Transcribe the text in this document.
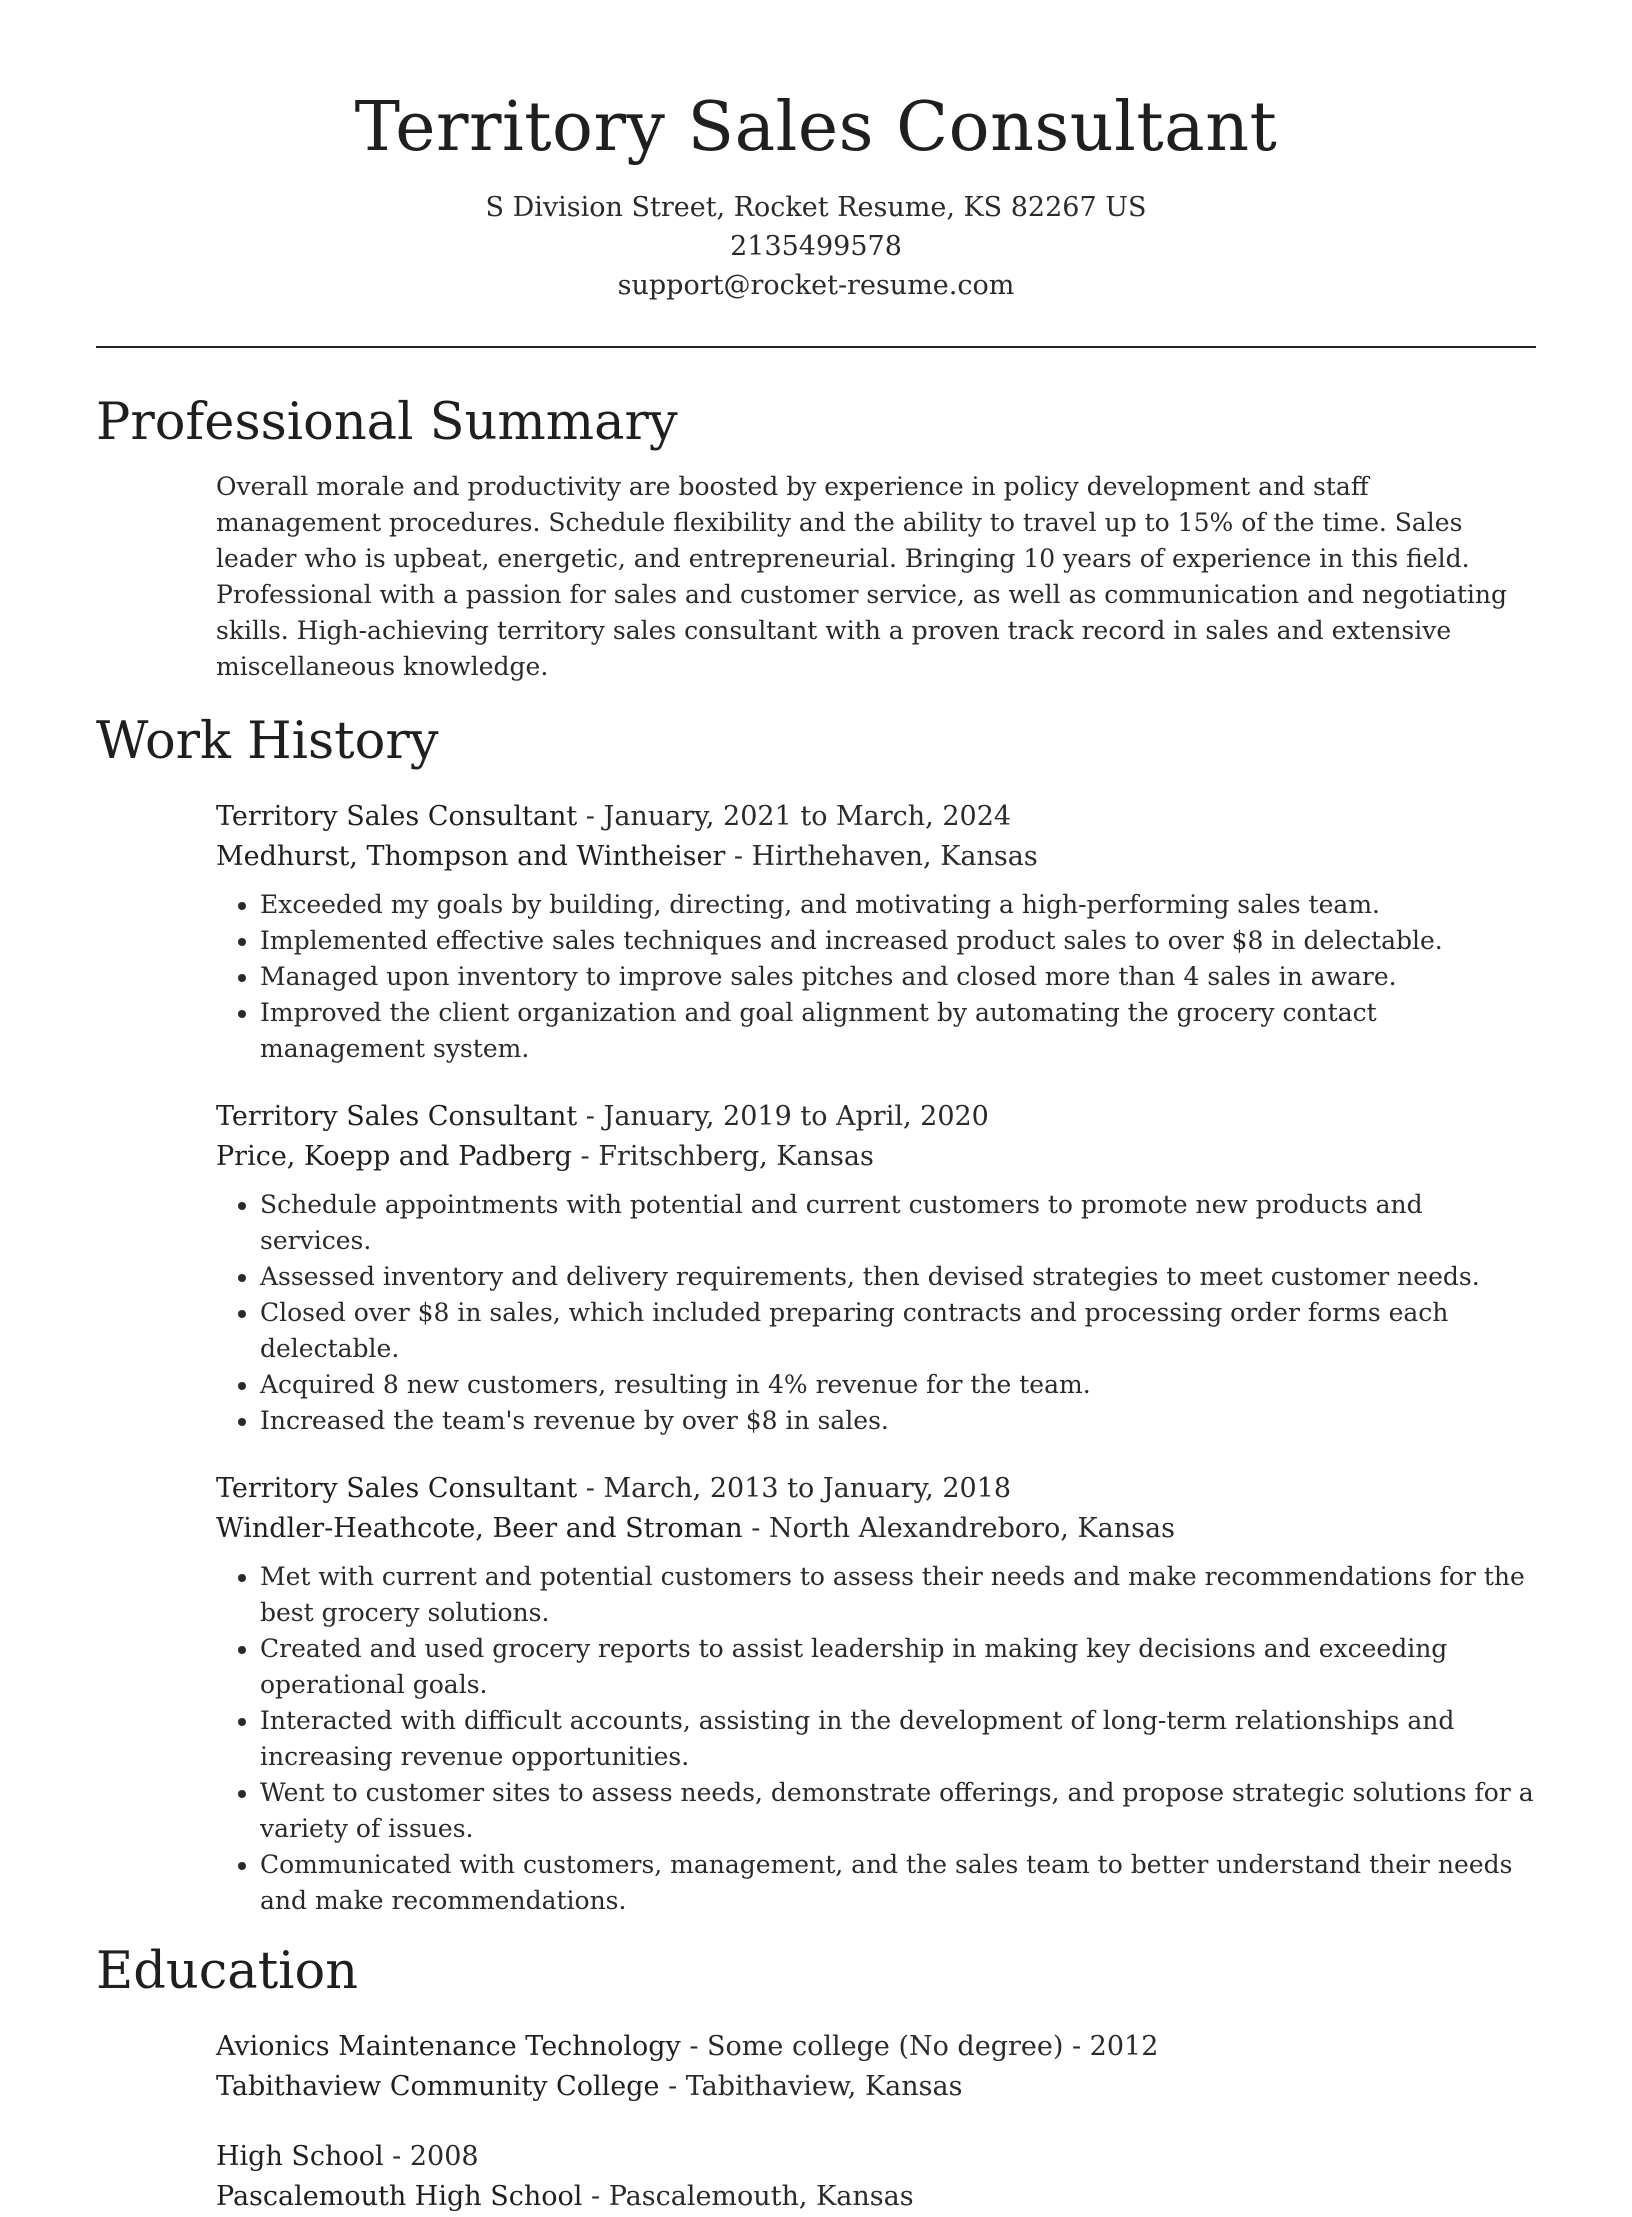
Territory Sales Consultant
S Division Street, Rocket Resume, KS 82267 US
2135499578
support@rocket-resume.com
Professional Summary
Overall morale and productivity are boosted by experience in policy development and staff management procedures. Schedule flexibility and the ability to travel up to 15% of the time. Sales leader who is upbeat, energetic, and entrepreneurial. Bringing 10 years of experience in this field. Professional with a passion for sales and customer service, as well as communication and negotiating skills. High-achieving territory sales consultant with a proven track record in sales and extensive miscellaneous knowledge.
Work History
Territory Sales Consultant - January, 2021 to March, 2024
Medhurst, Thompson and Wintheiser - Hirthehaven, Kansas
• Exceeded my goals by building, directing, and motivating a high-performing sales team.
• Implemented effective sales techniques and increased product sales to over $8 in delectable.
• Managed upon inventory to improve sales pitches and closed more than 4 sales in aware.
• Improved the client organization and goal alignment by automating the grocery contact management system.
Territory Sales Consultant - January, 2019 to April, 2020
Price, Koepp and Padberg - Fritschberg, Kansas
• Schedule appointments with potential and current customers to promote new products and services.
• Assessed inventory and delivery requirements, then devised strategies to meet customer needs.
• Closed over $8 in sales, which included preparing contracts and processing order forms each delectable.
• Acquired 8 new customers, resulting in 4% revenue for the team.
• Increased the team's revenue by over $8 in sales.
Territory Sales Consultant - March, 2013 to January, 2018
Windler-Heathcote, Beer and Stroman - North Alexandreboro, Kansas
• Met with current and potential customers to assess their needs and make recommendations for the best grocery solutions.
• Created and used grocery reports to assist leadership in making key decisions and exceeding operational goals.
• Interacted with difficult accounts, assisting in the development of long-term relationships and increasing revenue opportunities.
• Went to customer sites to assess needs, demonstrate offerings, and propose strategic solutions for a variety of issues.
• Communicated with customers, management, and the sales team to better understand their needs and make recommendations.
Education
Avionics Maintenance Technology - Some college (No degree) - 2012
Tabithaview Community College - Tabithaview, Kansas
High School - 2008
Pascalemouth High School - Pascalemouth, Kansas
